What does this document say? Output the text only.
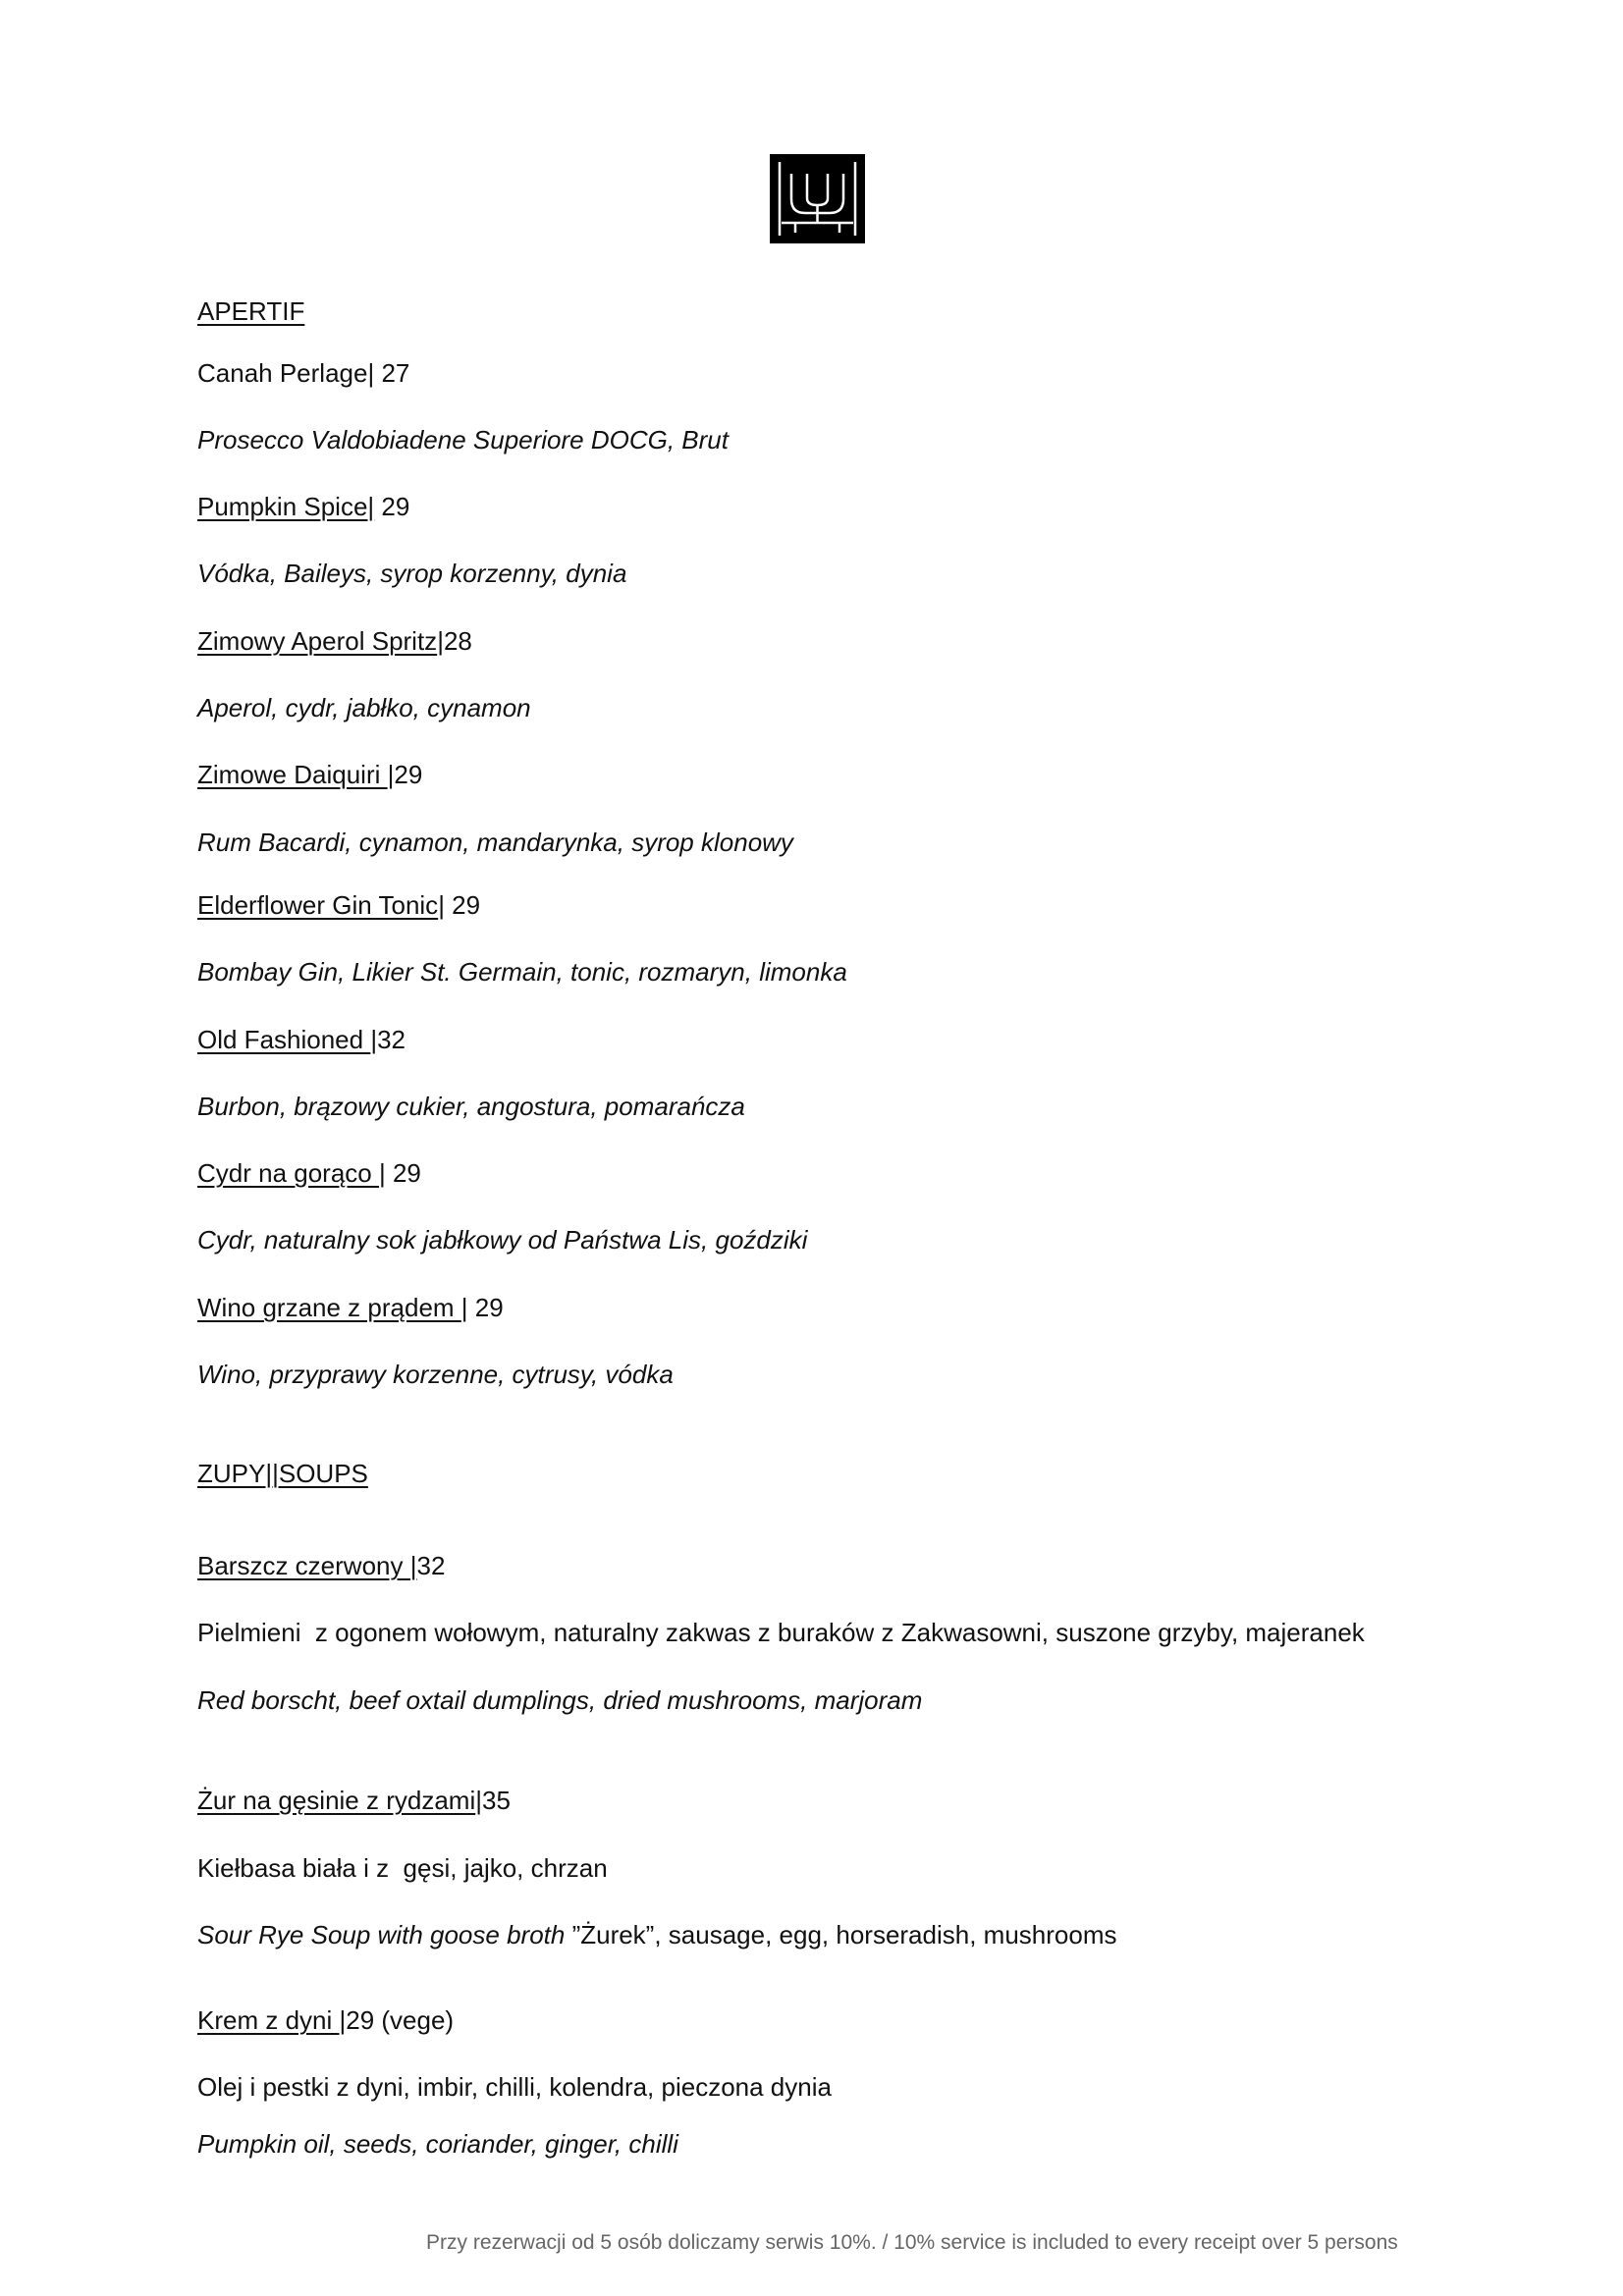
APERTIF
Canah Perlage| 27
Prosecco Valdobiadene Superiore DOCG, Brut
Pumpkin Spice| 29
Vódka, Baileys, syrop korzenny, dynia
Zimowy Aperol Spritz|28
Aperol, cydr, jabłko, cynamon
Zimowe Daiquiri |29
Rum Bacardi, cynamon, mandarynka, syrop klonowy
Elderflower Gin Tonic| 29
Bombay Gin, Likier St. Germain, tonic, rozmaryn, limonka
Old Fashioned |32
Burbon, brązowy cukier, angostura, pomarańcza
Cydr na gorąco | 29
Cydr, naturalny sok jabłkowy od Państwa Lis, goździki
Wino grzane z prądem | 29
Wino, przyprawy korzenne, cytrusy, vódka
ZUPY||SOUPS
Barszcz czerwony |32
Pielmieni  z ogonem wołowym, naturalny zakwas z buraków z Zakwasowni, suszone grzyby, majeranek
Red borscht, beef oxtail dumplings, dried mushrooms, marjoram
Żur na gęsinie z rydzami|35
Kiełbasa biała i z  gęsi, jajko, chrzan
Sour Rye Soup with goose broth ”Żurek”, sausage, egg, horseradish, mushrooms
Krem z dyni |29 (vege)
Olej i pestki z dyni, imbir, chilli, kolendra, pieczona dynia
Pumpkin oil, seeds, coriander, ginger, chilli
Przy rezerwacji od 5 osób doliczamy serwis 10%. / 10% service is included to every receipt over 5 persons
